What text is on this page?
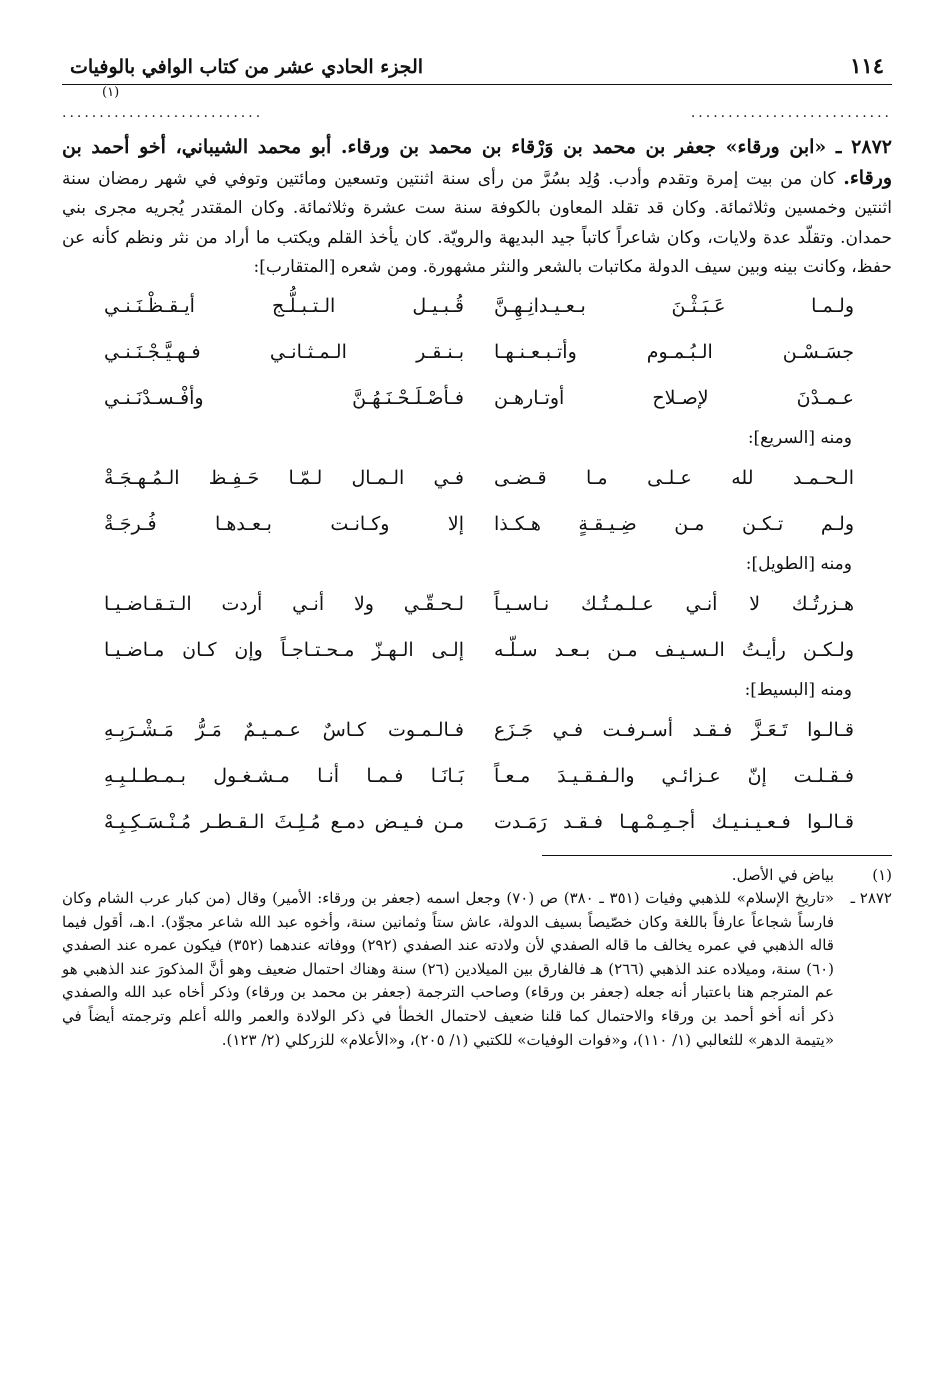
١١٤
الجزء الحادي عشر من كتاب الوافي بالوفيات
...........................
(١)
...........................
٢٨٧٢ ـ «ابن ورقاء» جعفر بن محمد بن وَرْقاء بن محمد بن ورقاء. أبو محمد الشيباني، أخو أحمد بن ورقاء. كان من بيت إمرة وتقدم وأدب. وُلِد بسُرَّ من رأى سنة اثنتين وتسعين ومائتين وتوفي في شهر رمضان سنة اثنتين وخمسين وثلاثمائة. وكان قد تقلد المعاون بالكوفة سنة ست عشرة وثلاثمائة. وكان المقتدر يُجريه مجرى بني حمدان. وتقلّد عدة ولايات، وكان شاعراً كاتباً جيد البديهة والرويّة. كان يأخذ القلم ويكتب ما أراد من نثر ونظم كأنه عن حفظ، وكانت بينه وبين سيف الدولة مكاتبات بالشعر والنثر مشهورة. ومن شعره [المتقارب]:
ولـمـا عَـبَـثْـنَ بـعـيـدانِـهِـنَّ
قُـبـيـل الـتـبـلُّـج أيـقـظْـنَـنـي
جسَـسْـن الـبُـمـوم وأتـبـعـنـهـا
بـنـقـر الـمـثـانـي فـهـيَّـجْـنَـنـي
عـمـدْنَ لإصـلاح أوتـارهـن
فـأصْـلَـحْـنَـهُـنَّ وأفْـسـدْنَـنـي
ومنه [السريع]:
الـحـمـد لله عـلـى مـا قـضـى
فـي الـمـال لـمّـا حَـفِـظ الـمُـهـجَـةْ
ولـم تـكـن مـن ضِـيـقـةٍ هـكـذا
إلا وكـانـت بـعـدهـا فُـرجَـةْ
ومنه [الطويل]:
هـزرتُـك لا أنـي عـلـمـتُـك نـاسـيـاً
لـحـقّـي ولا أنـي أردت الـتـقـاضـيـا
ولـكـن رأيـتُ الـسـيـف مـن بـعـد سـلّـه
إلـى الـهـزّ مـحـتـاجـاً وإن كـان مـاضـيـا
ومنه [البسيط]:
قـالـوا تَـعَـزَّ فـقـد أسـرفـت فـي جَـزَع
فـالـمـوت كـاسٌ عـمـيـمٌ مَـرُّ مَـشْـرَبِـهِ
فـقـلـت إنّ عـزائـي والـفـقـيـدَ مـعـاً
بَـانَـا فـمـا أنـا مـشـغـول بـمـطـلـبِـهِ
قـالـوا فـعـيـنـيـك أجـمِـمْـهـا فـقـد رَمَـدت
مـن فـيـض دمـع مُـلِـثَ الـقـطـر مُـنْـسَـكِـبِـهْ
(١)
بياض في الأصل.
٢٨٧٢ ـ
«تاريخ الإسلام» للذهبي وفيات (٣٥١ ـ ٣٨٠) ص (٧٠) وجعل اسمه (جعفر بن ورقاء: الأمير) وقال (من كبار عرب الشام وكان فارساً شجاعاً عارفاً باللغة وكان خصّيصاً بسيف الدولة، عاش ستاً وثمانين سنة، وأخوه عبد الله شاعر مجوِّد). ا.هـ، أقول فيما قاله الذهبي في عمره يخالف ما قاله الصفدي لأن ولادته عند الصفدي (٢٩٢) ووفاته عندهما (٣٥٢) فيكون عمره عند الصفدي (٦٠) سنة، وميلاده عند الذهبي (٢٦٦) هـ فالفارق بين الميلادين (٢٦) سنة وهناك احتمال ضعيف وهو أنَّ المذكورَ عند الذهبي هو عم المترجم هنا باعتبار أنه جعله (جعفر بن ورقاء) وصاحب الترجمة (جعفر بن محمد بن ورقاء) وذكر أخاه عبد الله والصفدي ذكر أنه أخو أحمد بن ورقاء والاحتمال كما قلنا ضعيف لاحتمال الخطأ في ذكر الولادة والعمر والله أعلم وترجمته أيضاً في «يتيمة الدهر» للثعالبي (١/ ١١٠)، و«فوات الوفيات» للكتبي (١/ ٢٠٥)، و«الأعلام» للزركلي (٢/ ١٢٣).
